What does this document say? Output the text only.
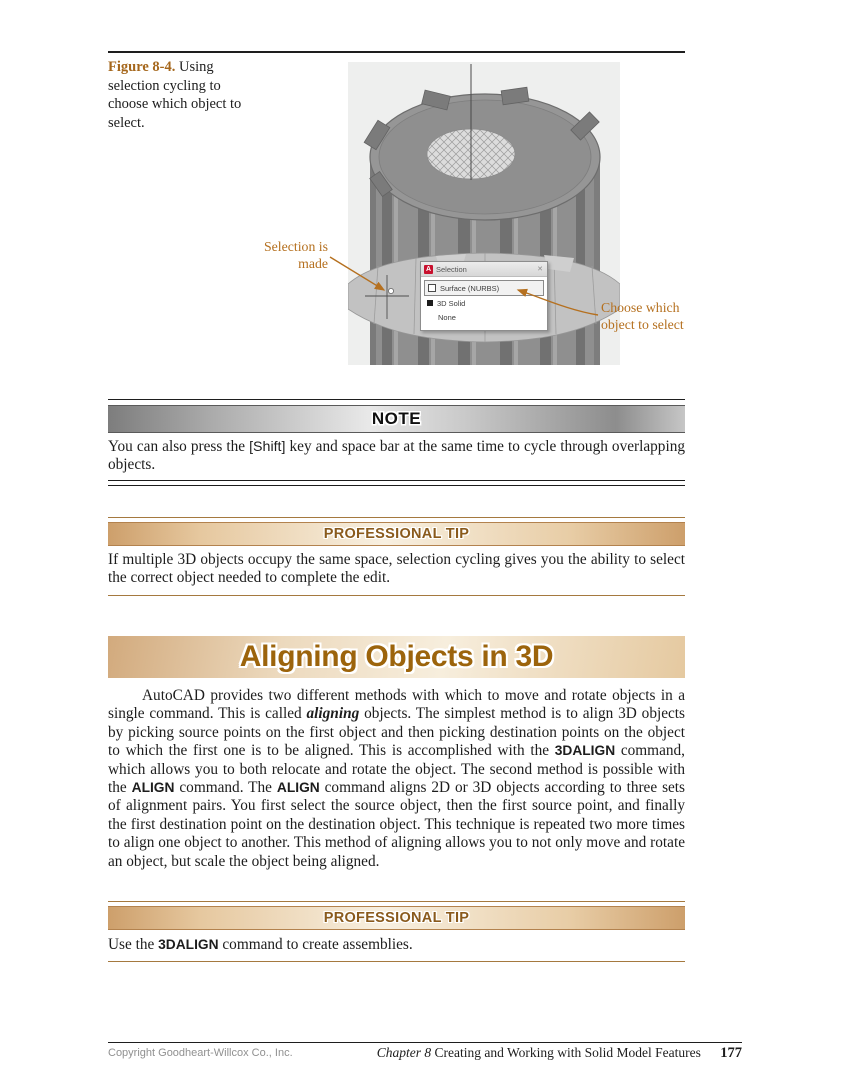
Figure 8-4. Using selection cycling to choose which object to select.
A Selection	✕
Surface (NURBS)
3D Solid
None
Selection is made
Choose which object to select
NOTE
You can also press the [Shift] key and space bar at the same time to cycle through overlapping objects.
PROFESSIONAL TIP
If multiple 3D objects occupy the same space, selection cycling gives you the ability to select the correct object needed to complete the edit.
Aligning Objects in 3D
AutoCAD provides two different methods with which to move and rotate objects in a single command. This is called aligning objects. The simplest method is to align 3D objects by picking source points on the first object and then picking destination points on the object to which the first one is to be aligned. This is accomplished with the 3DALIGN command, which allows you to both relocate and rotate the object. The second method is possible with the ALIGN command. The ALIGN command aligns 2D or 3D objects according to three sets of alignment pairs. You first select the source object, then the first source point, and finally the first destination point on the destination object. This technique is repeated two more times to align one object to another. This method of aligning allows you to not only move and rotate an object, but scale the object being aligned.
PROFESSIONAL TIP
Use the 3DALIGN command to create assemblies.
Copyright Goodheart-Willcox Co., Inc.	Chapter 8 Creating and Working with Solid Model Features 177
